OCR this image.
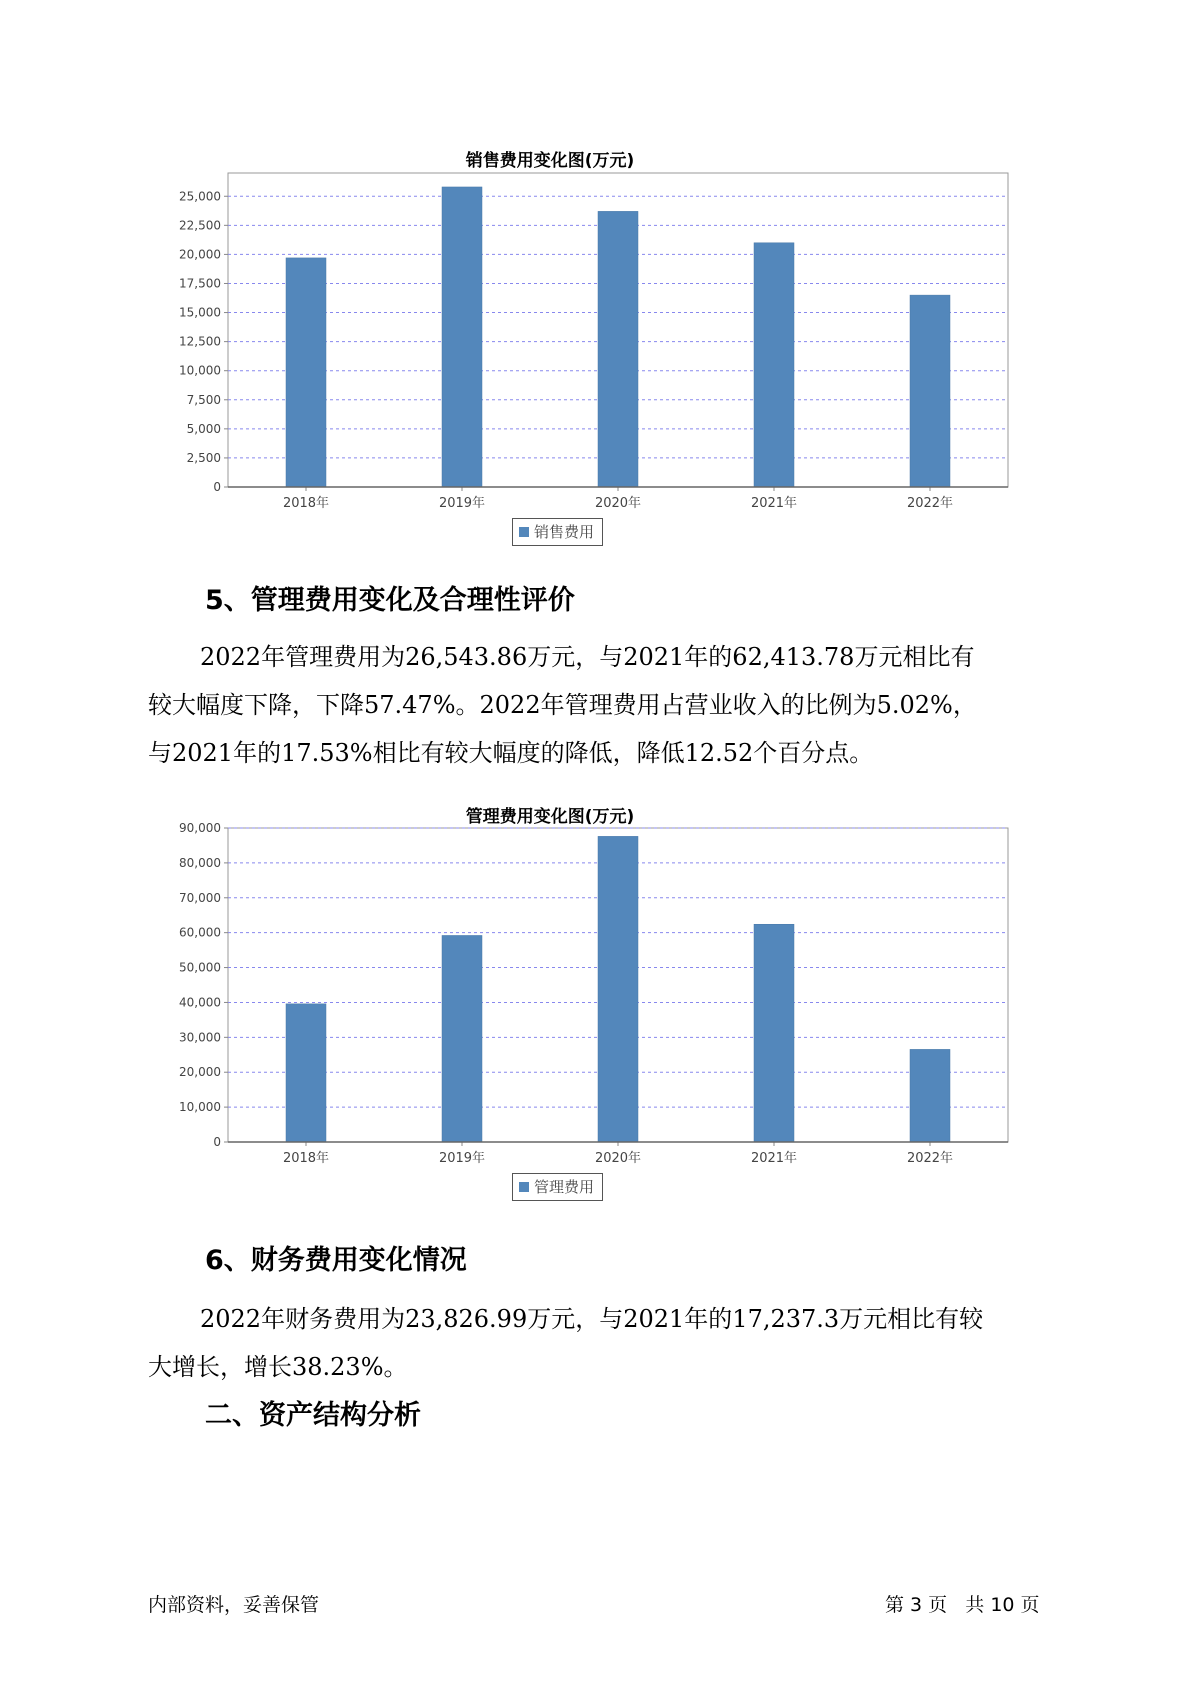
销售费用变化图(万元)
0
2,500
5,000
7,500
10,000
12,500
15,000
17,500
20,000
22,500
25,000
2018年	2019年	2020年	2021年	2022年
销售费用
5、管理费用变化及合理性评价
2022年管理费用为26,543.86万元，与2021年的62,413.78万元相比有
较大幅度下降，下降57.47%。2022年管理费用占营业收入的比例为5.02%，
与2021年的17.53%相比有较大幅度的降低，降低12.52个百分点。
管理费用变化图(万元)
0
10,000
20,000
30,000
40,000
50,000
60,000
70,000
80,000
90,000
2018年	2019年	2020年	2021年	2022年
管理费用
6、财务费用变化情况
2022年财务费用为23,826.99万元，与2021年的17,237.3万元相比有较
大增长，增长38.23%。
二、资产结构分析
内部资料，妥善保管	第 3 页   共 10 页
